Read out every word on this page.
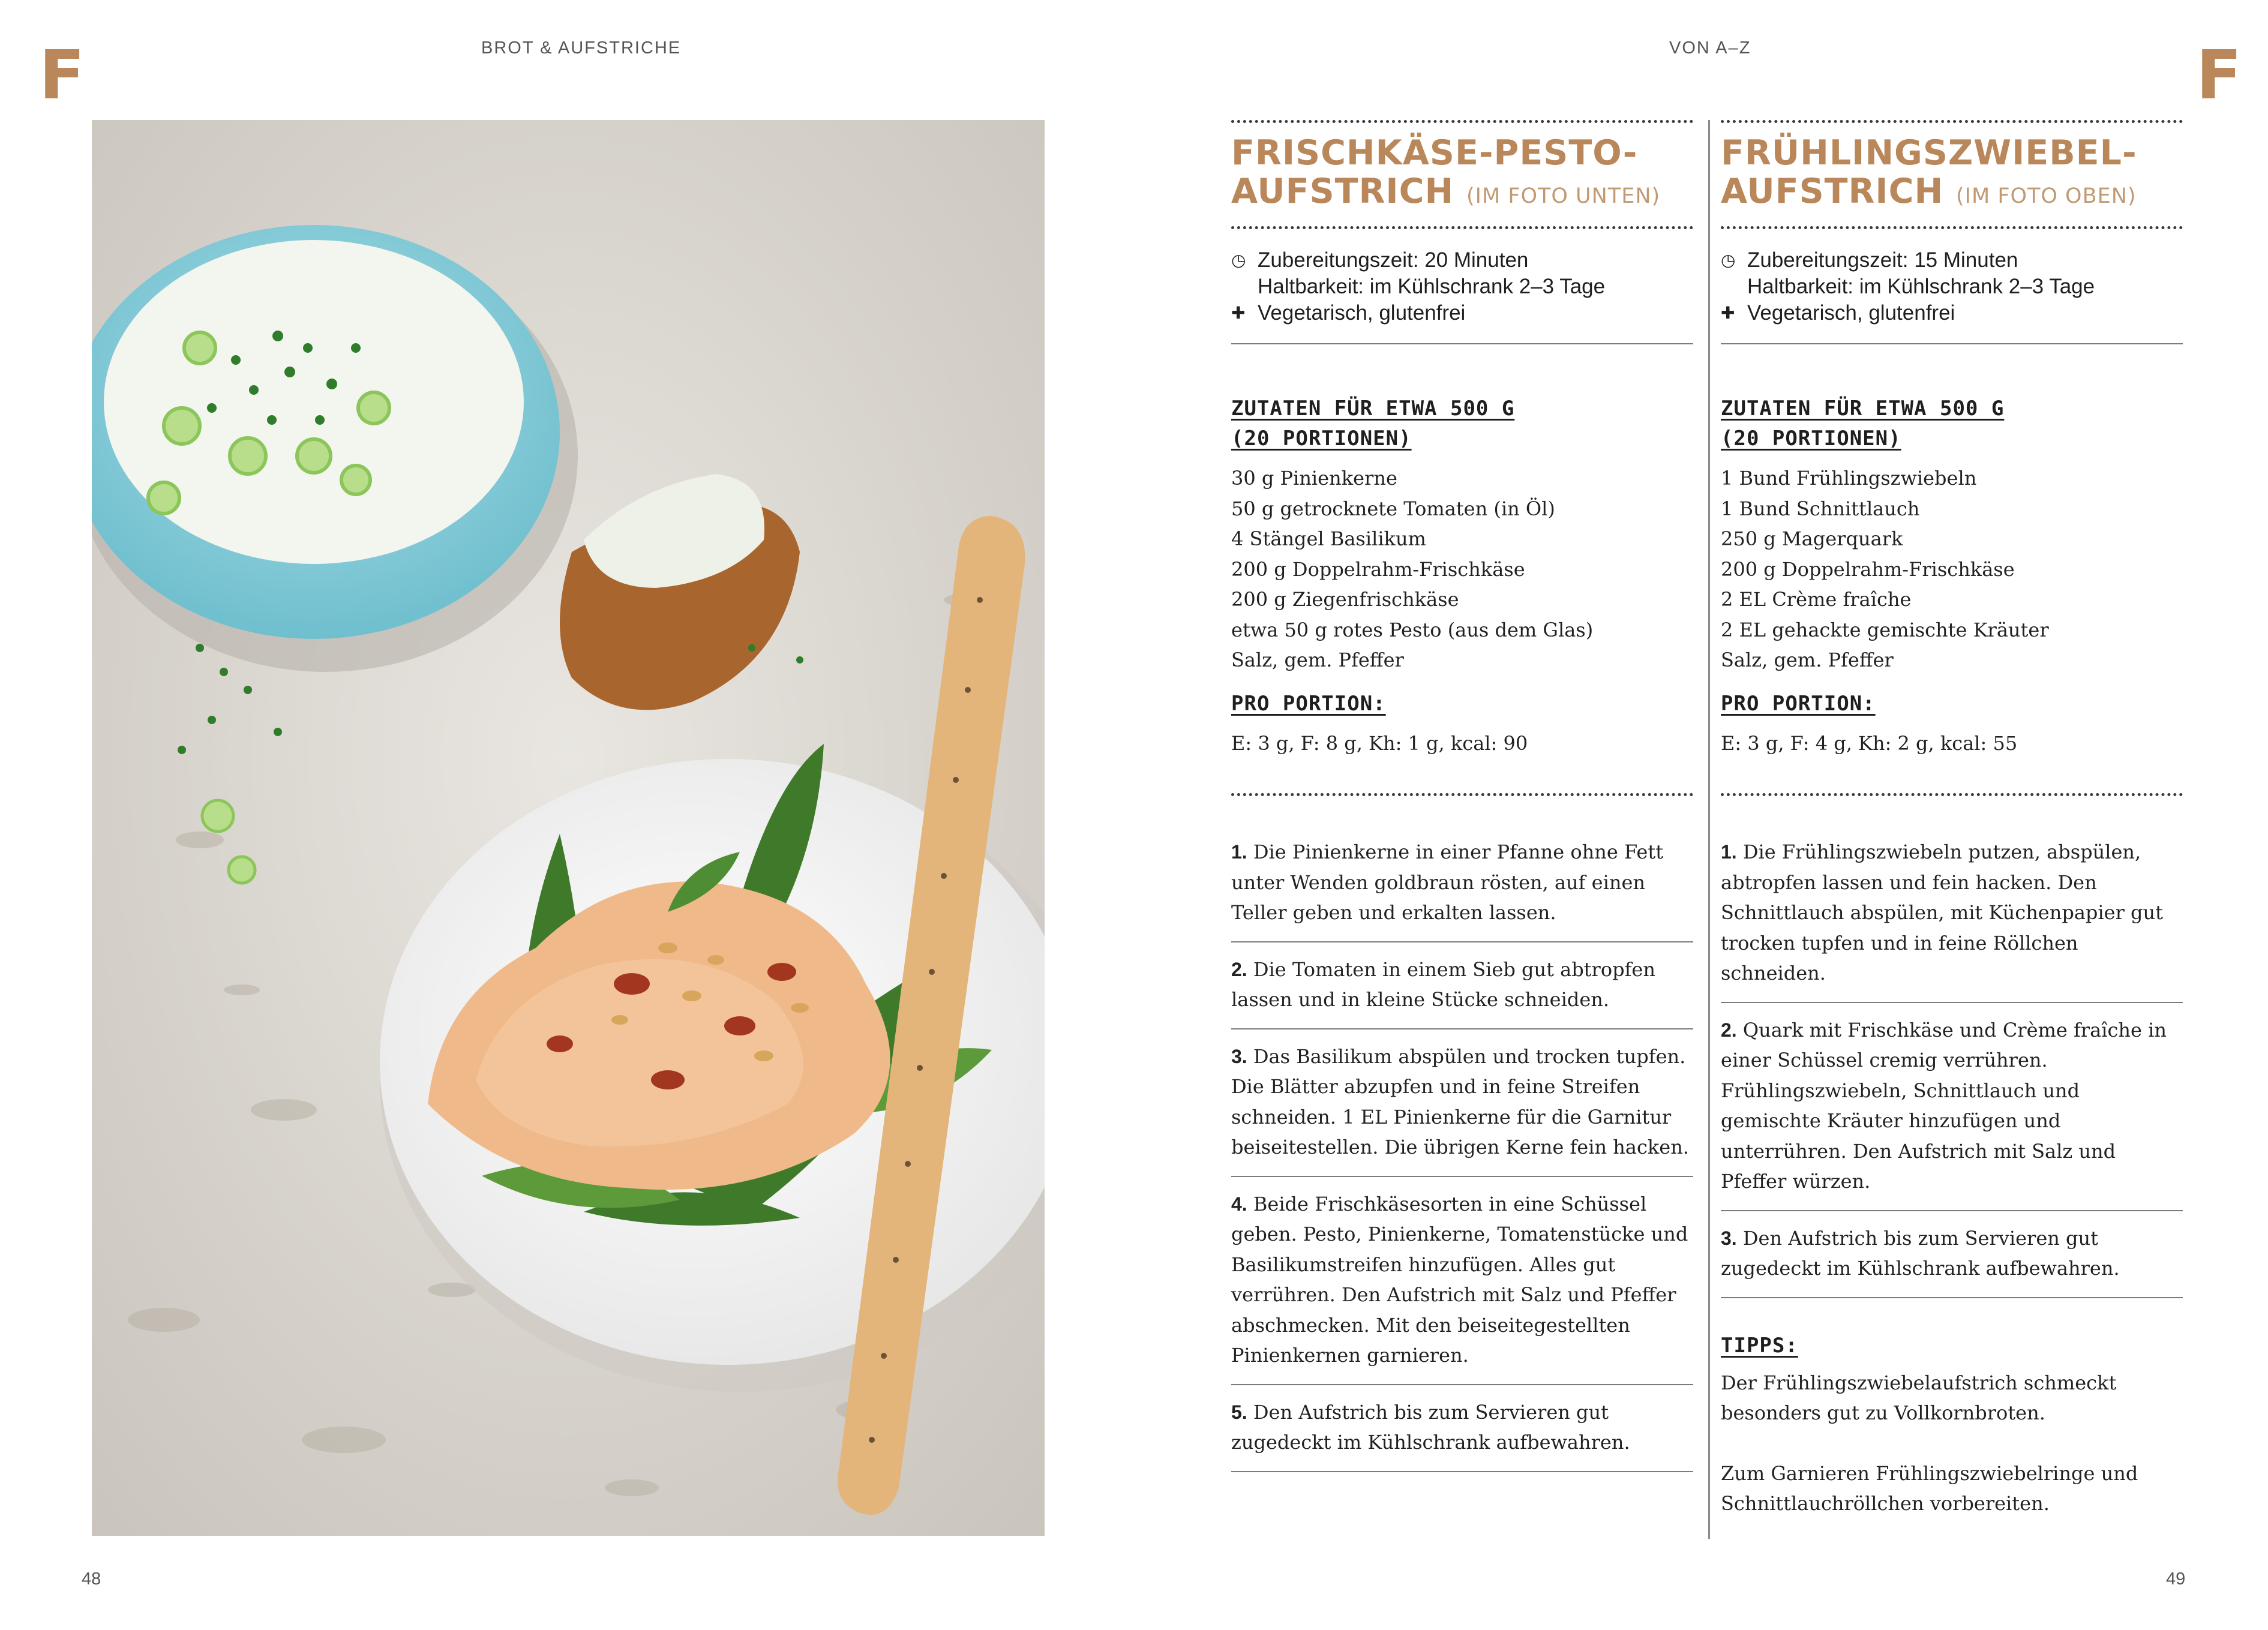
F	BROT & AUFSTRICHE	VON A–Z	F
FRISCHKÄSE-PESTO-
AUFSTRICH (IM FOTO UNTEN)
◷ Zubereitungszeit: 20 Minuten
Haltbarkeit: im Kühlschrank 2–3 Tage
✚ Vegetarisch, glutenfrei
ZUTATEN FÜR ETWA 500 G
(20 PORTIONEN)
30 g Pinienkerne
50 g getrocknete Tomaten (in Öl)
4 Stängel Basilikum
200 g Doppelrahm-Frischkäse
200 g Ziegenfrischkäse
etwa 50 g rotes Pesto (aus dem Glas)
Salz, gem. Pfeffer
PRO PORTION:
E: 3 g, F: 8 g, Kh: 1 g, kcal: 90
1. Die Pinienkerne in einer Pfanne ohne Fett unter Wenden goldbraun rösten, auf einen Teller geben und erkalten lassen.
2. Die Tomaten in einem Sieb gut abtropfen lassen und in kleine Stücke schneiden.
3. Das Basilikum abspülen und trocken tupfen. Die Blätter abzupfen und in feine Streifen schneiden. 1 EL Pinienkerne für die Garnitur beiseitestellen. Die übrigen Kerne fein hacken.
4. Beide Frischkäsesorten in eine Schüssel geben. Pesto, Pinienkerne, Tomatenstücke und Basilikumstreifen hinzufügen. Alles gut verrühren. Den Aufstrich mit Salz und Pfeffer abschmecken. Mit den beiseitegestellten Pinienkernen garnieren.
5. Den Aufstrich bis zum Servieren gut zugedeckt im Kühlschrank aufbewahren.
FRÜHLINGSZWIEBEL-
AUFSTRICH (IM FOTO OBEN)
◷ Zubereitungszeit: 15 Minuten
Haltbarkeit: im Kühlschrank 2–3 Tage
✚ Vegetarisch, glutenfrei
ZUTATEN FÜR ETWA 500 G
(20 PORTIONEN)
1 Bund Frühlingszwiebeln
1 Bund Schnittlauch
250 g Magerquark
200 g Doppelrahm-Frischkäse
2 EL Crème fraîche
2 EL gehackte gemischte Kräuter
Salz, gem. Pfeffer
PRO PORTION:
E: 3 g, F: 4 g, Kh: 2 g, kcal: 55
1. Die Frühlingszwiebeln putzen, abspülen, abtropfen lassen und fein hacken. Den Schnittlauch abspülen, mit Küchenpapier gut trocken tupfen und in feine Röllchen schneiden.
2. Quark mit Frischkäse und Crème fraîche in einer Schüssel cremig verrühren. Frühlingszwiebeln, Schnittlauch und gemischte Kräuter hinzufügen und unterrühren. Den Aufstrich mit Salz und Pfeffer würzen.
3. Den Aufstrich bis zum Servieren gut zugedeckt im Kühlschrank aufbewahren.
TIPPS:
Der Frühlingszwiebelaufstrich schmeckt besonders gut zu Vollkornbroten.
Zum Garnieren Frühlingszwiebelringe und Schnittlauchröllchen vorbereiten.
48	49
